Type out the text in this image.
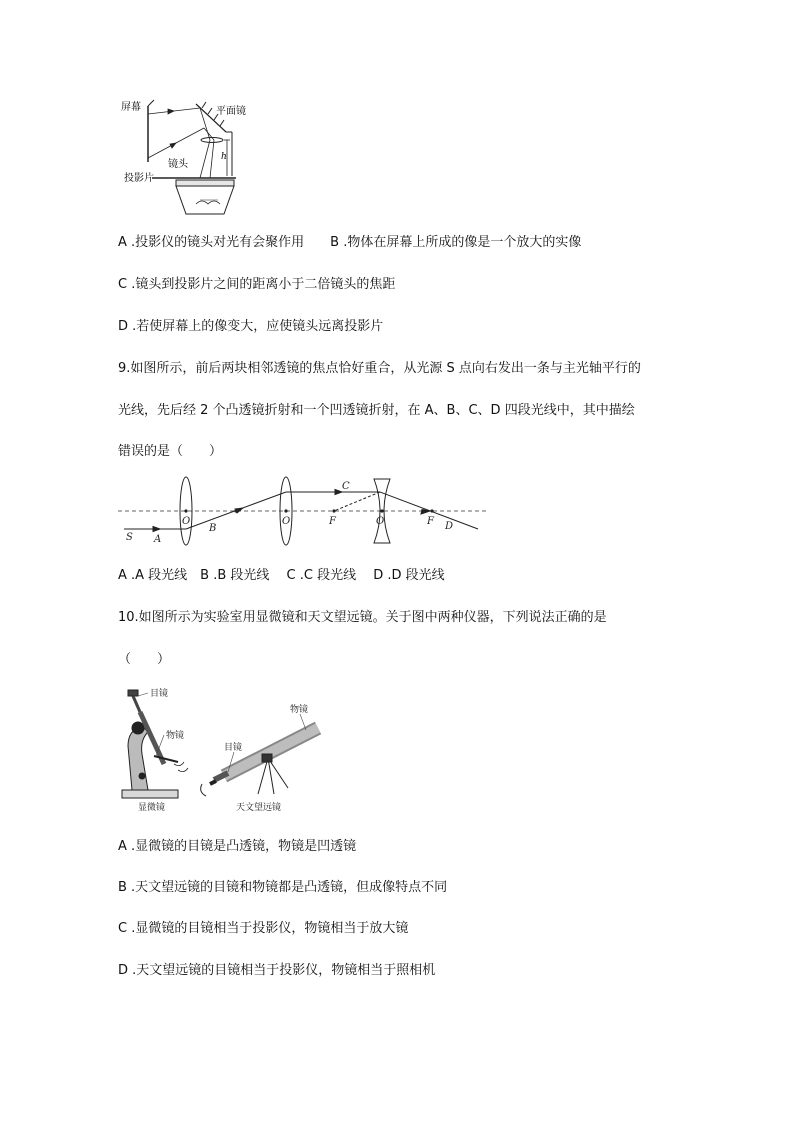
屏幕	平面镜
镜头
投影片
h
A .投影仪的镜头对光有会聚作用 B .物体在屏幕上所成的像是一个放大的实像
C .镜头到投影片之间的距离小于二倍镜头的焦距
D .若使屏幕上的像变大，应使镜头远离投影片
9.如图所示，前后两块相邻透镜的焦点恰好重合，从光源 S 点向右发出一条与主光轴平行的
光线，先后经 2 个凸透镜折射和一个凹透镜折射，在 A、B、C、D 四段光线中，其中描绘
错误的是（　　）
S A
B
C
D
O	O	O
F	F
A .A 段光线　B .B 段光线　 C .C 段光线　 D .D 段光线
10.如图所示为实验室用显微镜和天文望远镜。关于图中两种仪器，下列说法正确的是
（　　）
目镜
物镜
显微镜
物镜
目镜
天文望远镜
A .显微镜的目镜是凸透镜，物镜是凹透镜
B .天文望远镜的目镜和物镜都是凸透镜，但成像特点不同
C .显微镜的目镜相当于投影仪，物镜相当于放大镜
D .天文望远镜的目镜相当于投影仪，物镜相当于照相机
